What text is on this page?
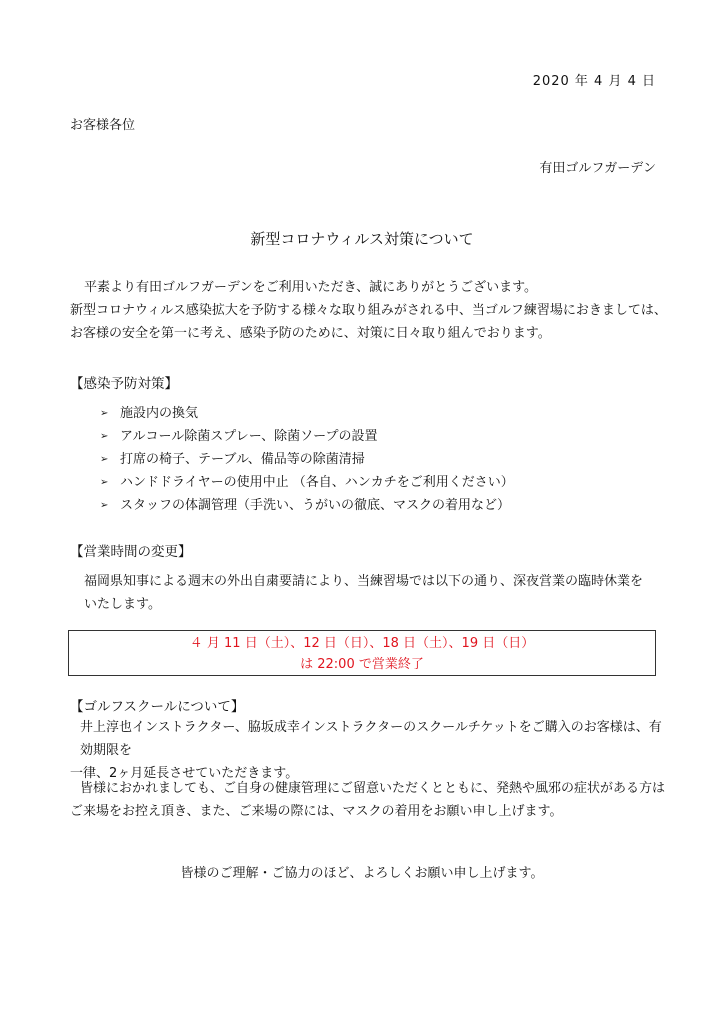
2020 年 4 月 4 日
お客様各位
有田ゴルフガーデン
新型コロナウィルス対策について

平素より有田ゴルフガーデンをご利用いただき、誠にありがとうございます。

新型コロナウィルス感染拡大を予防する様々な取り組みがされる中、当ゴルフ練習場におきましては、

お客様の安全を第一に考え、感染予防のために、対策に日々取り組んでおります。

【感染予防対策】
➢ 施設内の換気
➢ アルコール除菌スプレー、除菌ソープの設置
➢ 打席の椅子、テーブル、備品等の除菌清掃
➢ ハンドドライヤーの使用中止 （各自、ハンカチをご利用ください）
➢ スタッフの体調管理（手洗い、うがいの徹底、マスクの着用など）
【営業時間の変更】

福岡県知事による週末の外出自粛要請により、当練習場では以下の通り、深夜営業の臨時休業を

いたします。

４ 月 11 日（土）、12 日（日）、18 日（土）、19 日（日）

は 22:00 で営業終了

【ゴルフスクールについて】

井上淳也インストラクター、脇坂成幸インストラクターのスクールチケットをご購入のお客様は、有効期限を

一律、2ヶ月延長させていただきます。

皆様におかれましても、ご自身の健康管理にご留意いただくとともに、発熱や風邪の症状がある方は

ご来場をお控え頂き、また、ご来場の際には、マスクの着用をお願い申し上げます。

皆様のご理解・ご協力のほど、よろしくお願い申し上げます。
